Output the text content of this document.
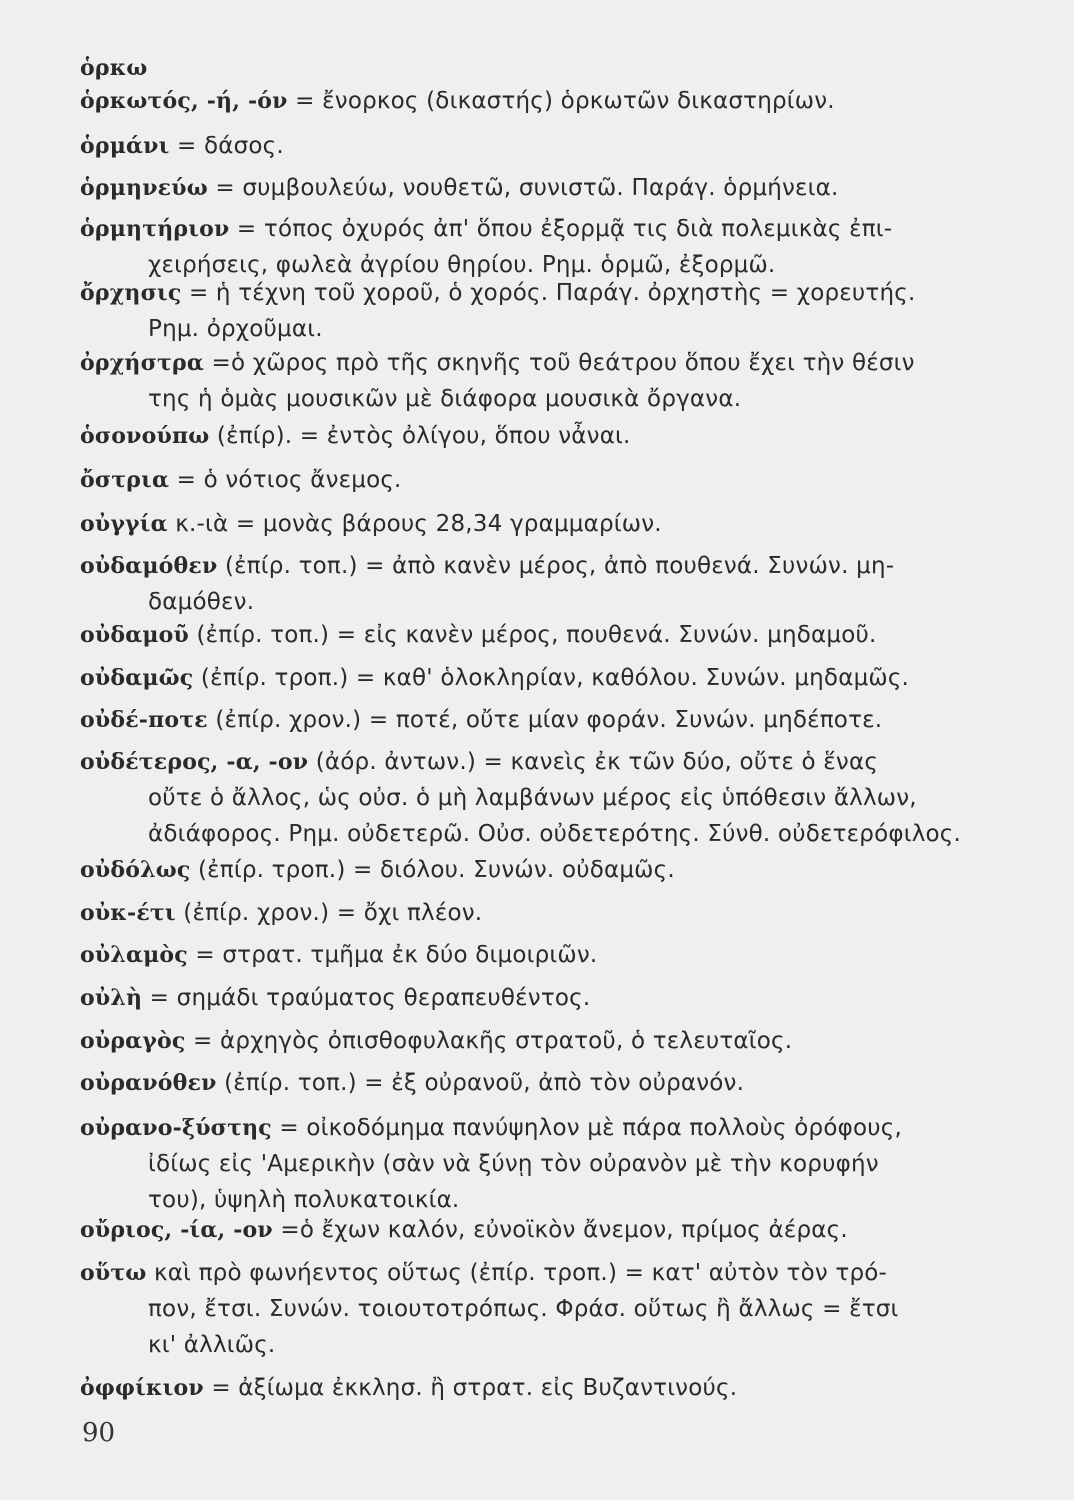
ὁρκω
ὁρκωτός, -ή, -όν = ἔνορκος (δικαστής) ὁρκωτῶν δικαστηρίων.
ὁρμάνι = δάσος.
ὁρμηνεύω = συμβουλεύω, νουθετῶ, συνιστῶ. Παράγ. ὁρμήνεια.
ὁρμητήριον = τόπος ὀχυρός ἀπ' ὅπου ἐξορμᾷ τις διὰ πολεμικὰς ἐπι-
χειρήσεις, φωλεὰ ἀγρίου θηρίου. Ρημ. ὁρμῶ, ἐξορμῶ.
ὄρχησις = ἡ τέχνη τοῦ χοροῦ, ὁ χορός. Παράγ. ὀρχηστὴς = χορευτής.
Ρημ. ὀρχοῦμαι.
ὀρχήστρα =ὁ χῶρος πρὸ τῆς σκηνῆς τοῦ θεάτρου ὅπου ἔχει τὴν θέσιν
της ἡ ὁμὰς μουσικῶν μὲ διάφορα μουσικὰ ὄργανα.
ὁσονούπω (ἐπίρ). = ἐντὸς ὀλίγου, ὅπου νἆναι.
ὄστρια = ὁ νότιος ἄνεμος.
οὐγγία κ.-ιὰ = μονὰς βάρους 28,34 γραμμαρίων.
οὐδαμόθεν (ἐπίρ. τοπ.) = ἀπὸ κανὲν μέρος, ἀπὸ πουθενά. Συνών. μη-
δαμόθεν.
οὐδαμοῦ (ἐπίρ. τοπ.) = εἰς κανὲν μέρος, πουθενά. Συνών. μηδαμοῦ.
οὐδαμῶς (ἐπίρ. τροπ.) = καθ' ὁλοκληρίαν, καθόλου. Συνών. μηδαμῶς.
οὐδέ-ποτε (ἐπίρ. χρον.) = ποτέ, οὔτε μίαν φοράν. Συνών. μηδέποτε.
οὐδέτερος, -α, -ον (ἀόρ. ἀντων.) = κανεὶς ἐκ τῶν δύο, οὔτε ὁ ἕνας
οὔτε ὁ ἄλλος, ὡς οὐσ. ὁ μὴ λαμβάνων μέρος εἰς ὑπόθεσιν ἄλλων,
ἀδιάφορος. Ρημ. οὐδετερῶ. Οὐσ. οὐδετερότης. Σύνθ. οὐδετερόφιλος.
οὐδόλως (ἐπίρ. τροπ.) = διόλου. Συνών. οὐδαμῶς.
οὐκ-έτι (ἐπίρ. χρον.) = ὄχι πλέον.
οὐλαμὸς = στρατ. τμῆμα ἐκ δύο διμοιριῶν.
οὐλὴ = σημάδι τραύματος θεραπευθέντος.
οὐραγὸς = ἀρχηγὸς ὀπισθοφυλακῆς στρατοῦ, ὁ τελευταῖος.
οὐρανόθεν (ἐπίρ. τοπ.) = ἐξ οὐρανοῦ, ἀπὸ τὸν οὐρανόν.
οὐρανο-ξύστης = οἰκοδόμημα πανύψηλον μὲ πάρα πολλοὺς ὀρόφους,
ἰδίως εἰς 'Αμερικὴν (σὰν νὰ ξύνῃ τὸν οὐρανὸν μὲ τὴν κορυφήν
του), ὑψηλὴ πολυκατοικία.
οὔριος, -ία, -ον =ὁ ἔχων καλόν, εὐνοϊκὸν ἄνεμον, πρίμος ἀέρας.
οὕτω καὶ πρὸ φωνήεντος οὕτως (ἐπίρ. τροπ.) = κατ' αὐτὸν τὸν τρό-
πον, ἔτσι. Συνών. τοιουτοτρόπως. Φράσ. οὕτως ἢ ἄλλως = ἔτσι
κι' ἀλλιῶς.
ὀφφίκιον = ἀξίωμα ἐκκλησ. ἢ στρατ. εἰς Βυζαντινούς.
90
